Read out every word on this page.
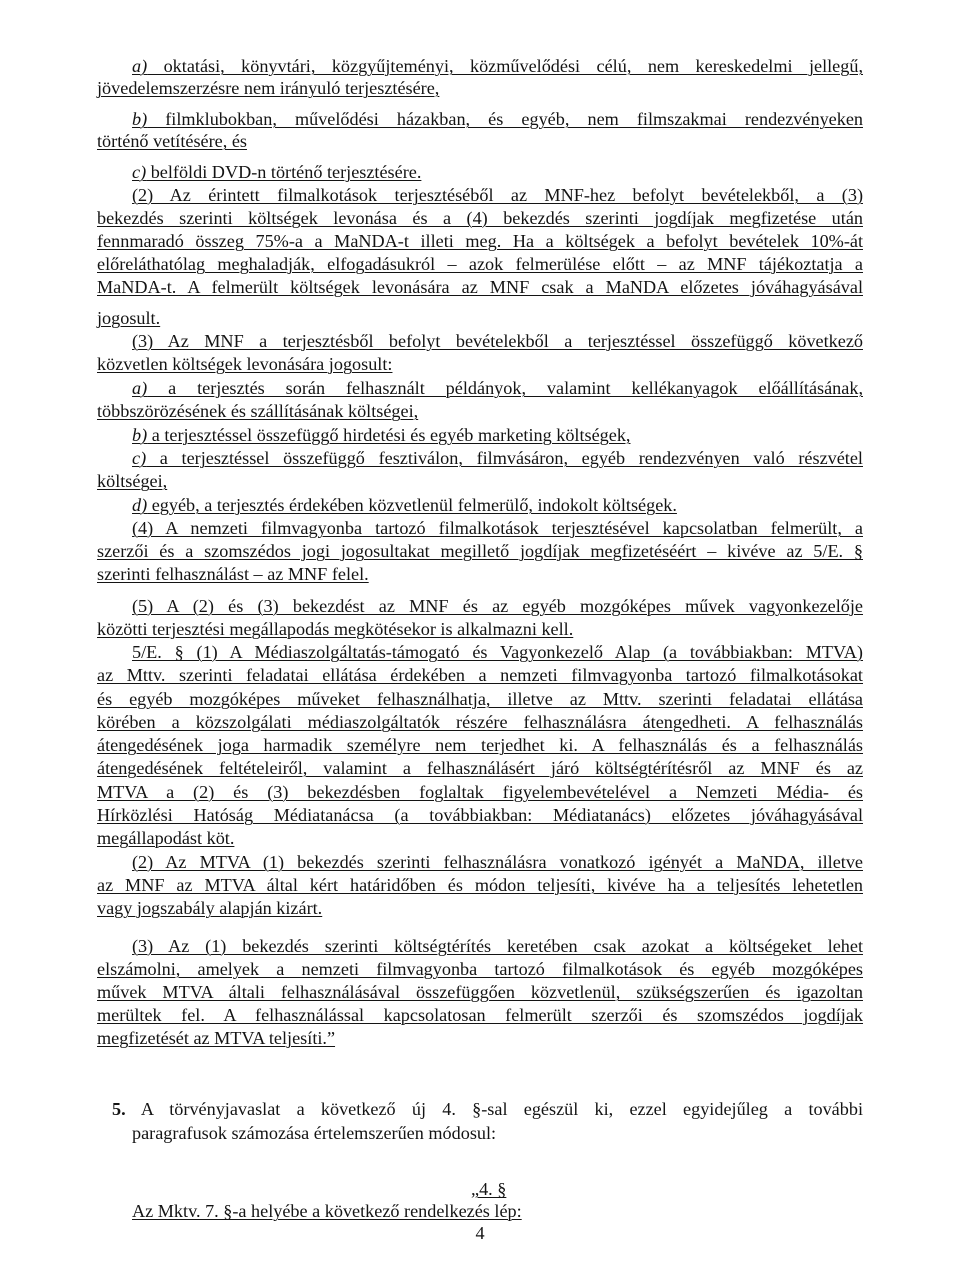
a) oktatási, könyvtári, közgyűjteményi, közművelődési célú, nem kereskedelmi jellegű,
jövedelemszerzésre nem irányuló terjesztésére,
b) filmklubokban, művelődési házakban, és egyéb, nem filmszakmai rendezvényeken
történő vetítésére, és
c) belföldi DVD-n történő terjesztésére.
(2) Az érintett filmalkotások terjesztéséből az MNF-hez befolyt bevételekből, a (3)
bekezdés szerinti költségek levonása és a (4) bekezdés szerinti jogdíjak megfizetése után
fennmaradó összeg 75%-a a MaNDA-t illeti meg. Ha a költségek a befolyt bevételek 10%-át
előreláthatólag meghaladják, elfogadásukról – azok felmerülése előtt – az MNF tájékoztatja a
MaNDA-t. A felmerült költségek levonására az MNF csak a MaNDA előzetes jóváhagyásával
jogosult.
(3) Az MNF a terjesztésből befolyt bevételekből a terjesztéssel összefüggő következő
közvetlen költségek levonására jogosult:
a) a terjesztés során felhasznált példányok, valamint kellékanyagok előállításának,
többszörözésének és szállításának költségei,
b) a terjesztéssel összefüggő hirdetési és egyéb marketing költségek,
c) a terjesztéssel összefüggő fesztiválon, filmvásáron, egyéb rendezvényen való részvétel
költségei,
d) egyéb, a terjesztés érdekében közvetlenül felmerülő, indokolt költségek.
(4) A nemzeti filmvagyonba tartozó filmalkotások terjesztésével kapcsolatban felmerült, a
szerzői és a szomszédos jogi jogosultakat megillető jogdíjak megfizetéséért – kivéve az 5/E. §
szerinti felhasználást – az MNF felel.
(5) A (2) és (3) bekezdést az MNF és az egyéb mozgóképes művek vagyonkezelője
közötti terjesztési megállapodás megkötésekor is alkalmazni kell.
5/E. § (1) A Médiaszolgáltatás-támogató és Vagyonkezelő Alap (a továbbiakban: MTVA)
az Mttv. szerinti feladatai ellátása érdekében a nemzeti filmvagyonba tartozó filmalkotásokat
és egyéb mozgóképes műveket felhasználhatja, illetve az Mttv. szerinti feladatai ellátása
körében a közszolgálati médiaszolgáltatók részére felhasználásra átengedheti. A felhasználás
átengedésének joga harmadik személyre nem terjedhet ki. A felhasználás és a felhasználás
átengedésének feltételeiről, valamint a felhasználásért járó költségtérítésről az MNF és az
MTVA a (2) és (3) bekezdésben foglaltak figyelembevételével a Nemzeti Média- és
Hírközlési Hatóság Médiatanácsa (a továbbiakban: Médiatanács) előzetes jóváhagyásával
megállapodást köt.
(2) Az MTVA (1) bekezdés szerinti felhasználásra vonatkozó igényét a MaNDA, illetve
az MNF az MTVA által kért határidőben és módon teljesíti, kivéve ha a teljesítés lehetetlen
vagy jogszabály alapján kizárt.
(3) Az (1) bekezdés szerinti költségtérítés keretében csak azokat a költségeket lehet
elszámolni, amelyek a nemzeti filmvagyonba tartozó filmalkotások és egyéb mozgóképes
művek MTVA általi felhasználásával összefüggően közvetlenül, szükségszerűen és igazoltan
merültek fel. A felhasználással kapcsolatosan felmerült szerzői és szomszédos jogdíjak
megfizetését az MTVA teljesíti.”
5. A törvényjavaslat a következő új 4. §-sal egészül ki, ezzel egyidejűleg a további
paragrafusok számozása értelemszerűen módosul:
„4. §
Az Mktv. 7. §-a helyébe a következő rendelkezés lép:
4
